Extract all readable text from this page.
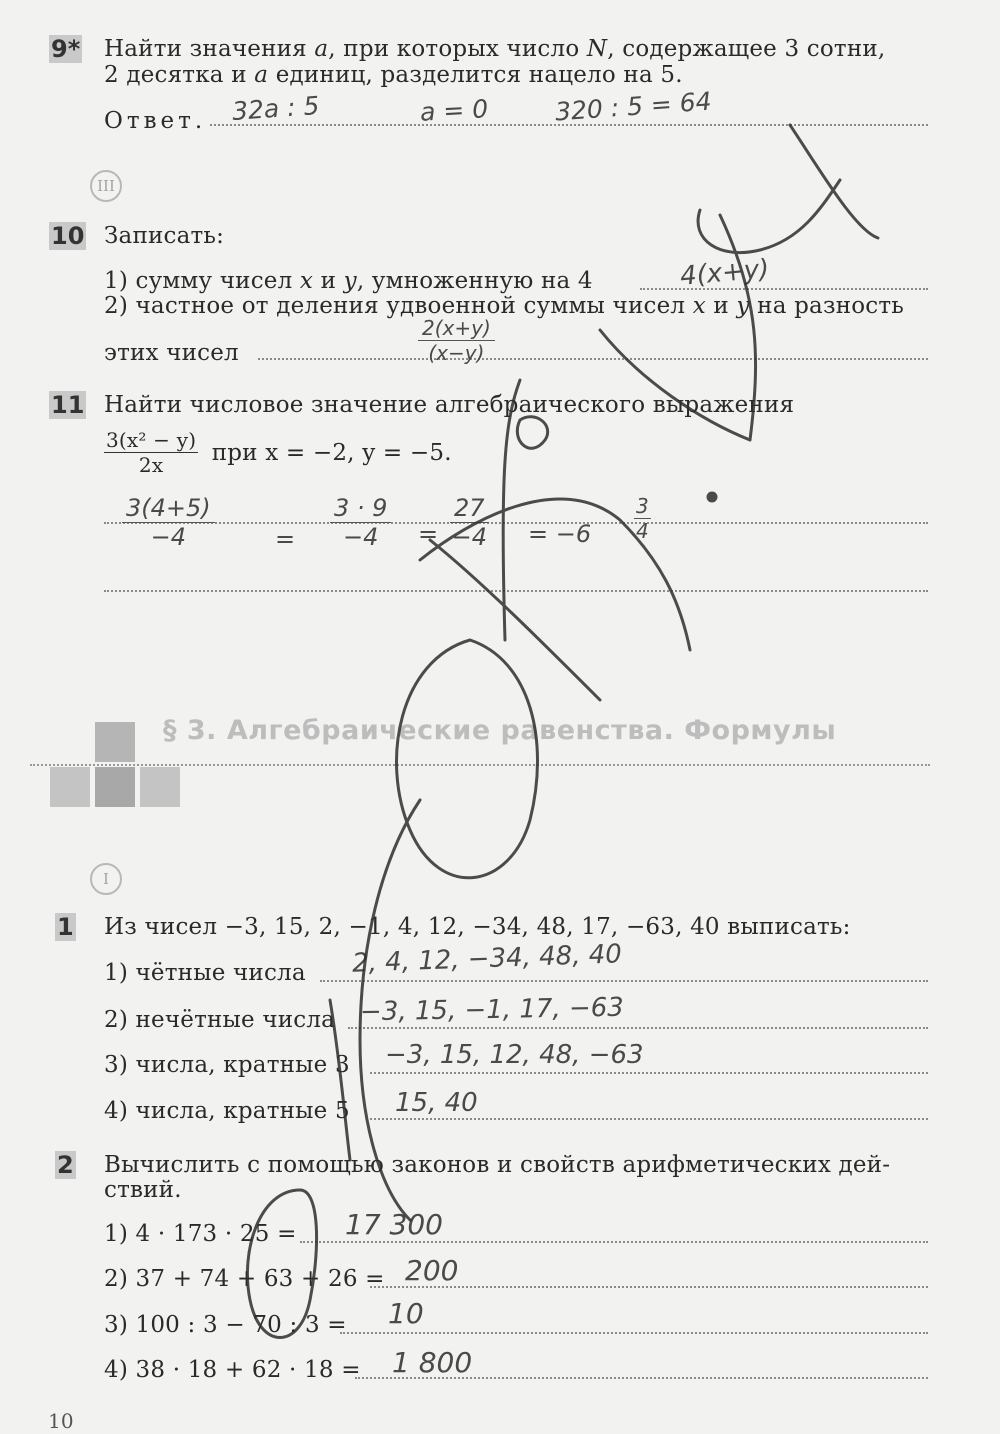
9* Найти значения a, при которых число N, содержащее 3 сотни,
2 десятка и a единиц, разделится нацело на 5.
Ответ. 32a : 5	a = 0	320 : 5 = 64
III
10 Записать:
1) сумму чисел x и y, умноженную на 4	4(x+y)
2) частное от деления удвоенной суммы чисел x и y на разность
этих чисел	$\frac{2(x+y)}{(x-y)}$
11 Найти числовое значение алгебраического выражения
$\frac{\text{3(x² − y)}}{2x}$ при x = −2, y = −5.
$\frac{3(4+5)}{-4}$	= $\frac{3 \cdot 9}{-4} = \frac{27}{-4} = -6 \frac{3}{4}$
§ 3. Алгебраические равенства. Формулы
I
1 Из чисел −3, 15, 2, −1, 4, 12, −34, 48, 17, −63, 40 выписать:
1) чётные числа 2, 4, 12, −34, 48, 40
2) нечётные числа −3, 15, −1, 17, −63
3) числа, кратные 3 −3, 15, 12, 48, −63
4) числа, кратные 5 15, 40
2 Вычислить с помощью законов и свойств арифметических дей-
ствий.
1) 4 · 173 · 25 = 17 300
2) 37 + 74 + 63 + 26 = 200
3) 100 : 3 − 70 : 3 = 10
4) 38 · 18 + 62 · 18 = 1 800
10
